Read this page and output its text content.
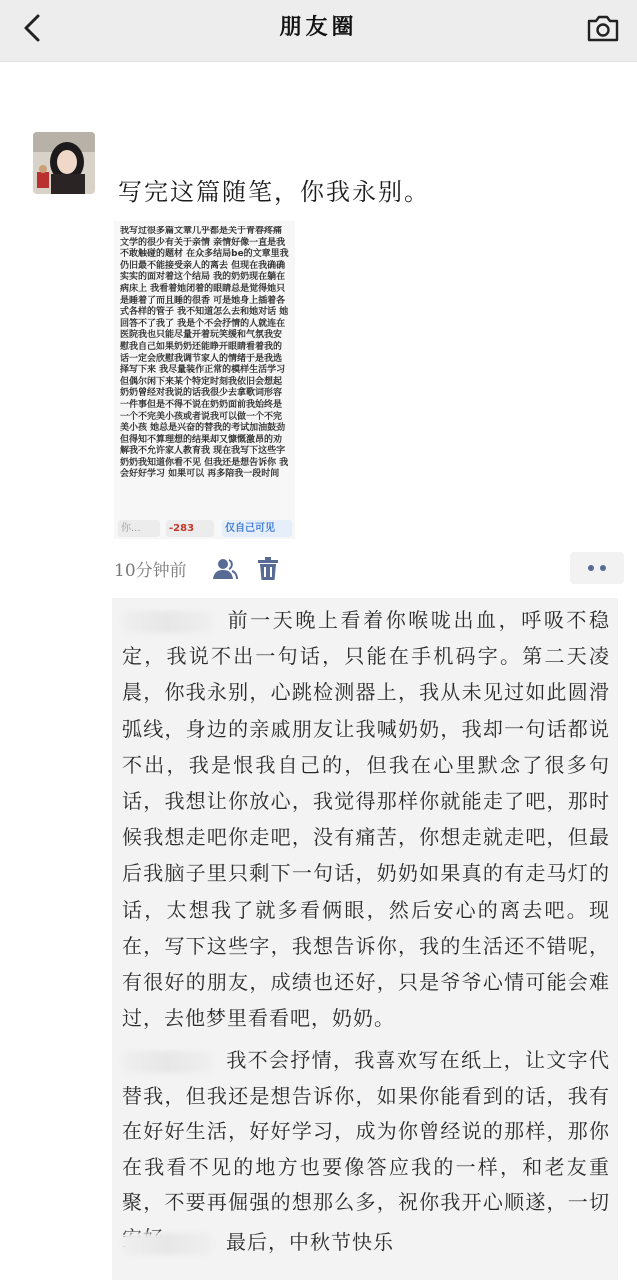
朋友圈
写完这篇随笔，你我永别。
我写过很多篇文章几乎都是关于青春疼痛文学的很少有关于亲情 亲情好像一直是我不敢触碰的题材 在众多结局be的文章里我仍旧最不能接受亲人的离去 但现在我确确实实的面对着这个结局 我的奶奶现在躺在病床上 我看着她闭着的眼睛总是觉得她只是睡着了而且睡的很香 可是她身上插着各式各样的管子 我不知道怎么去和她对话 她回答不了我了 我是个不会抒情的人就连在医院我也只能尽量开着玩笑缓和气氛我安慰我自己如果奶奶还能睁开眼睛看着我的话一定会欣慰我调节家人的情绪于是我选择写下来 我尽量装作正常的模样生活学习 但偶尔闲下来某个特定时刻我依旧会想起奶奶曾经对我说的话我很少去拿歌词形容一件事但是不得不说在奶奶面前我始终是一个不完美小孩或者说我可以做一个不完美小孩 她总是兴奋的替我的考试加油鼓劲但得知不算理想的结果却又慷慨激昂的劝解我不允许家人教育我 现在我写下这些字奶奶我知道你看不见 但我还是想告诉你 我会好好学习 如果可以 再多陪我一段时间
你...	-283	仅自己可见
10分钟前
前一天晚上看着你喉咙出血，呼吸不稳定，我说不出一句话，只能在手机码字。第二天凌晨，你我永别，心跳检测器上，我从未见过如此圆滑弧线，身边的亲戚朋友让我喊奶奶，我却一句话都说不出，我是恨我自己的，但我在心里默念了很多句话，我想让你放心，我觉得那样你就能走了吧，那时候我想走吧你走吧，没有痛苦，你想走就走吧，但最后我脑子里只剩下一句话，奶奶如果真的有走马灯的话，太想我了就多看俩眼，然后安心的离去吧。现在，写下这些字，我想告诉你，我的生活还不错呢，有很好的朋友，成绩也还好，只是爷爷心情可能会难过，去他梦里看看吧，奶奶。
我不会抒情，我喜欢写在纸上，让文字代替我，但我还是想告诉你，如果你能看到的话，我有在好好生活，好好学习，成为你曾经说的那样，那你在我看不见的地方也要像答应我的一样，和老友重聚，不要再倔强的想那么多，祝你我开心顺遂，一切
最后，中秋节快乐
